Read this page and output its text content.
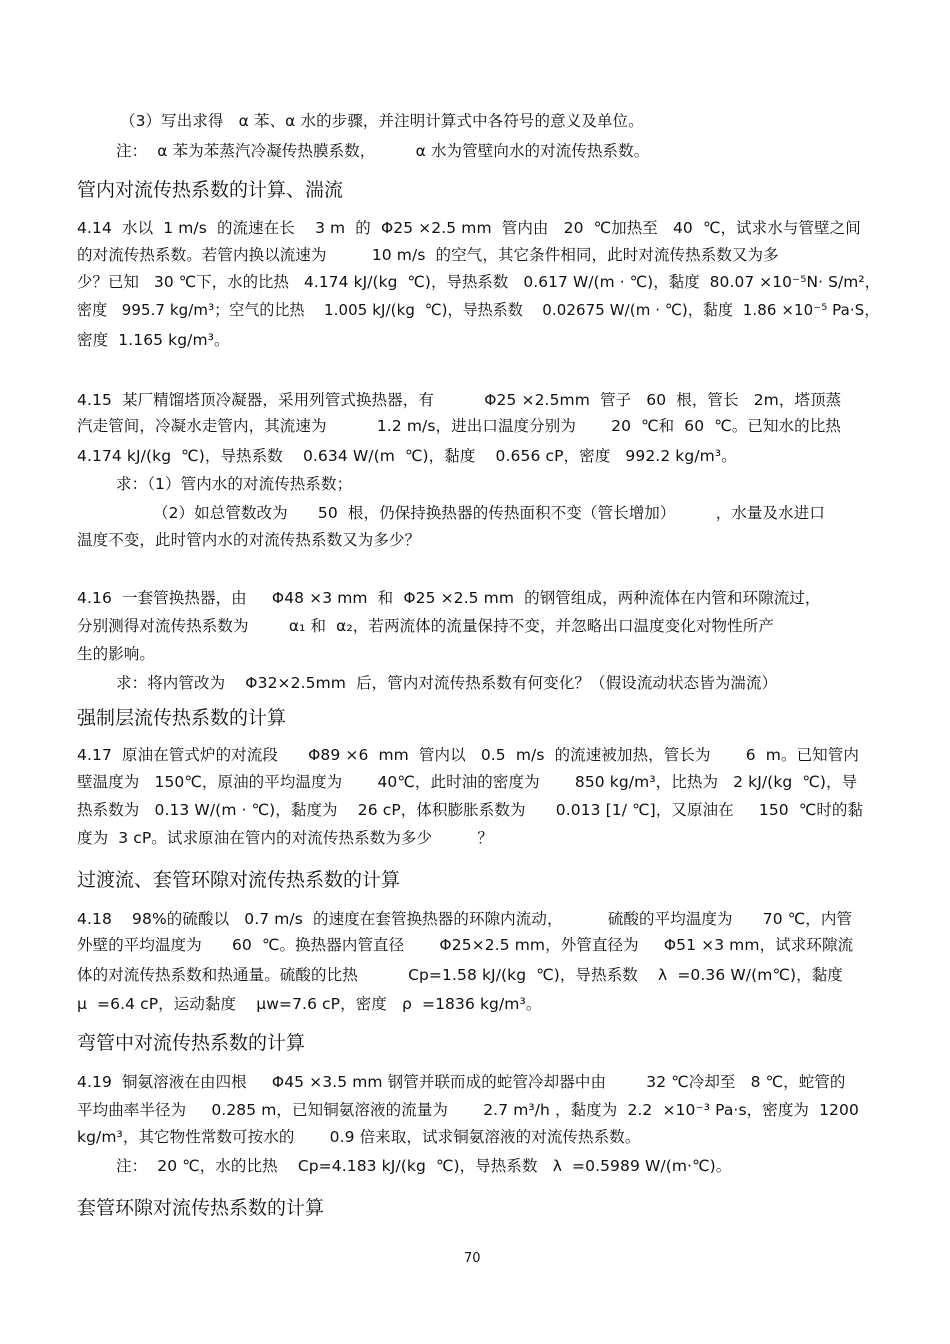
（3）写出求得   α 苯、α 水的步骤，并注明计算式中各符号的意义及单位。
注：  α 苯为苯蒸汽冷凝传热膜系数，        α 水为管壁向水的对流传热系数。
管内对流传热系数的计算、湍流
4.14  水以  1 m/s  的流速在长    3 m  的  Φ25 ×2.5 mm  管内由   20  ℃加热至   40  ℃，试求水与管壁之间
的对流传热系数。若管内换以流速为         10 m/s  的空气，其它条件相同，此时对流传热系数又为多
少？已知   30 ℃下，水的比热   4.174 kJ/(kg  ℃)，导热系数   0.617 W/(m · ℃)，黏度  80.07 ×10⁻⁵N· S/m²，
密度   995.7 kg/m³；空气的比热    1.005 kJ/(kg  ℃)，导热系数    0.02675 W/(m · ℃)，黏度  1.86 ×10⁻⁵ Pa·S，
密度  1.165 kg/m³。
4.15  某厂精馏塔顶冷凝器，采用列管式换热器，有          Φ25 ×2.5mm  管子   60  根，管长   2m，塔顶蒸
汽走管间，冷凝水走管内，其流速为          1.2 m/s，进出口温度分别为       20  ℃和  60  ℃。已知水的比热
4.174 kJ/(kg  ℃)，导热系数    0.634 W/(m  ℃)，黏度    0.656 cP，密度   992.2 kg/m³。
求：（1）管内水的对流传热系数；
（2）如总管数改为      50  根，仍保持换热器的传热面积不变（管长增加）        ，水量及水进口
温度不变，此时管内水的对流传热系数又为多少？
4.16  一套管换热器，由     Φ48 ×3 mm  和  Φ25 ×2.5 mm  的钢管组成，两种流体在内管和环隙流过，
分别测得对流传热系数为        α₁ 和  α₂，若两流体的流量保持不变，并忽略出口温度变化对物性所产
生的影响。
求：将内管改为    Φ32×2.5mm  后，管内对流传热系数有何变化？（假设流动状态皆为湍流）
强制层流传热系数的计算
4.17  原油在管式炉的对流段      Φ89 ×6  mm  管内以   0.5  m/s  的流速被加热，管长为       6  m。已知管内
壁温度为   150℃，原油的平均温度为       40℃，此时油的密度为       850 kg/m³，比热为   2 kJ/(kg  ℃)，导
热系数为   0.13 W/(m · ℃)，黏度为    26 cP，体积膨胀系数为      0.013 [1/ ℃]，又原油在     150  ℃时的黏
度为  3 cP。试求原油在管内的对流传热系数为多少         ？
过渡流、套管环隙对流传热系数的计算
4.18    98%的硫酸以   0.7 m/s  的速度在套管换热器的环隙内流动，         硫酸的平均温度为      70 ℃，内管
外壁的平均温度为      60  ℃。换热器内管直径       Φ25×2.5 mm，外管直径为     Φ51 ×3 mm，试求环隙流
体的对流传热系数和热通量。硫酸的比热          Cp=1.58 kJ/(kg  ℃)，导热系数    λ  =0.36 W/(m℃)，黏度
μ  =6.4 cP，运动黏度    μw=7.6 cP，密度   ρ  =1836 kg/m³。
弯管中对流传热系数的计算
4.19  铜氨溶液在由四根     Φ45 ×3.5 mm 钢管并联而成的蛇管冷却器中由        32 ℃冷却至   8 ℃，蛇管的
平均曲率半径为     0.285 m，已知铜氨溶液的流量为       2.7 m³/h ，黏度为  2.2  ×10⁻³ Pa·s，密度为  1200
kg/m³，其它物性常数可按水的       0.9 倍来取，试求铜氨溶液的对流传热系数。
注：  20 ℃，水的比热    Cp=4.183 kJ/(kg  ℃)，导热系数   λ  =0.5989 W/(m·℃)。
套管环隙对流传热系数的计算
70
